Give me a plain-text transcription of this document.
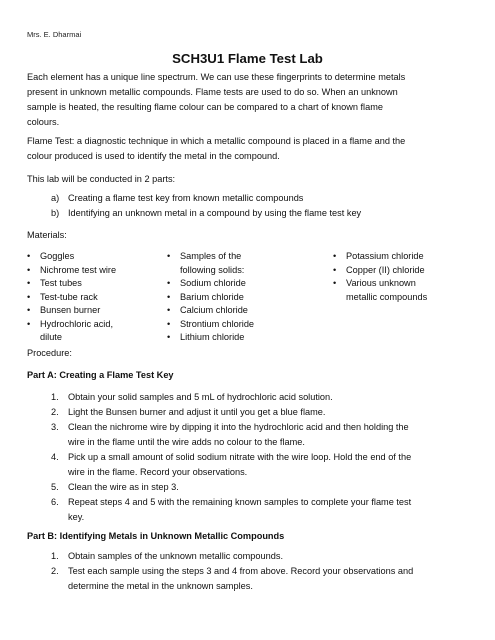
Mrs. E. Dharmai
SCH3U1 Flame Test Lab
Each element has a unique line spectrum. We can use these fingerprints to determine metals
present in unknown metallic compounds. Flame tests are used to do so. When an unknown
sample is heated, the resulting flame colour can be compared to a chart of known flame
colours.
Flame Test: a diagnostic technique in which a metallic compound is placed in a flame and the
colour produced is used to identify the metal in the compound.
This lab will be conducted in 2 parts:
a) Creating a flame test key from known metallic compounds
b) Identifying an unknown metal in a compound by using the flame test key
Materials:
• Goggles
• Nichrome test wire
• Test tubes
• Test-tube rack
• Bunsen burner
• Hydrochloric acid,
dilute
• Samples of the
following solids:
• Sodium chloride
• Barium chloride
• Calcium chloride
• Strontium chloride
• Lithium chloride
• Potassium chloride
• Copper (II) chloride
• Various unknown
metallic compounds
Procedure:
Part A: Creating a Flame Test Key
1. Obtain your solid samples and 5 mL of hydrochloric acid solution.
2. Light the Bunsen burner and adjust it until you get a blue flame.
3. Clean the nichrome wire by dipping it into the hydrochloric acid and then holding the
wire in the flame until the wire adds no colour to the flame.
4. Pick up a small amount of solid sodium nitrate with the wire loop. Hold the end of the
wire in the flame. Record your observations.
5. Clean the wire as in step 3.
6. Repeat steps 4 and 5 with the remaining known samples to complete your flame test
key.
Part B: Identifying Metals in Unknown Metallic Compounds
1. Obtain samples of the unknown metallic compounds.
2. Test each sample using the steps 3 and 4 from above. Record your observations and
determine the metal in the unknown samples.
